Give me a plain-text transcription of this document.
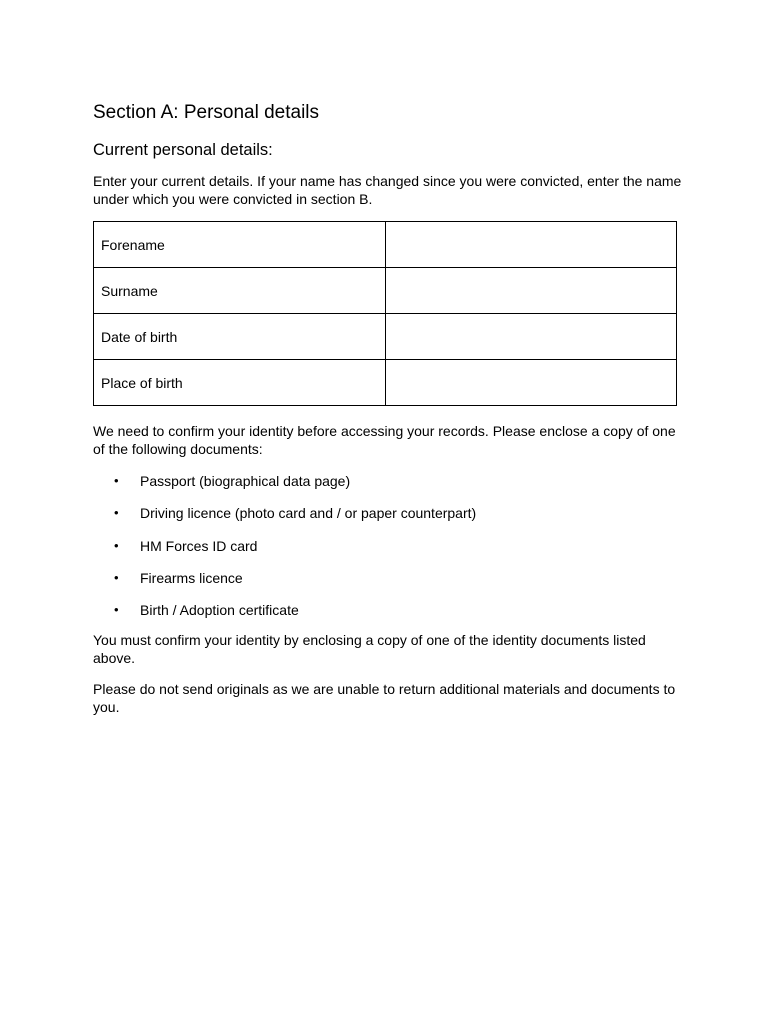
Section A: Personal details
Current personal details:

Enter your current details. If your name has changed since you were convicted, enter the name under which you were convicted in section B.

Forename	
Surname	
Date of birth	
Place of birth	

We need to confirm your identity before accessing your records. Please enclose a copy of one of the following documents:

• Passport (biographical data page)
• Driving licence (photo card and / or paper counterpart)
• HM Forces ID card
• Firearms licence
• Birth / Adoption certificate

You must confirm your identity by enclosing a copy of one of the identity documents listed above.

Please do not send originals as we are unable to return additional materials and documents to you.
